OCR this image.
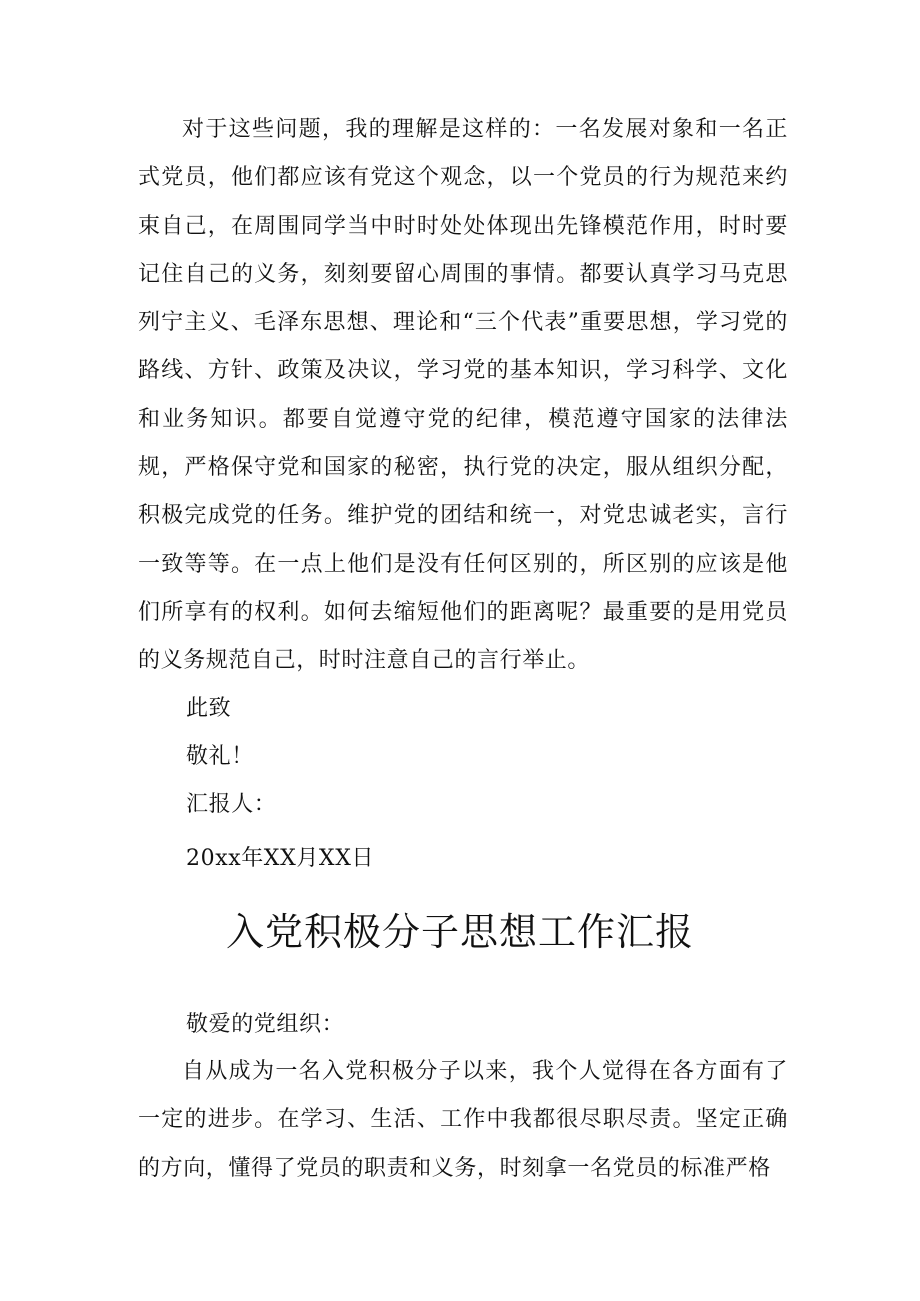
对于这些问题，我的理解是这样的：一名发展对象和一名正式党员，他们都应该有党这个观念，以一个党员的行为规范来约束自己，在周围同学当中时时处处体现出先锋模范作用，时时要记住自己的义务，刻刻要留心周围的事情。都要认真学习马克思列宁主义、毛泽东思想、理论和“三个代表”重要思想，学习党的路线、方针、政策及决议，学习党的基本知识，学习科学、文化和业务知识。都要自觉遵守党的纪律，模范遵守国家的法律法规，严格保守党和国家的秘密，执行党的决定，服从组织分配，积极完成党的任务。维护党的团结和统一，对党忠诚老实，言行一致等等。在一点上他们是没有任何区别的，所区别的应该是他们所享有的权利。如何去缩短他们的距离呢？最重要的是用党员的义务规范自己，时时注意自己的言行举止。

此致

敬礼！

汇报人：

20xx年XX月XX日

入党积极分子思想工作汇报

敬爱的党组织：

自从成为一名入党积极分子以来，我个人觉得在各方面有了一定的进步。在学习、生活、工作中我都很尽职尽责。坚定正确的方向，懂得了党员的职责和义务，时刻拿一名党员的标准严格
